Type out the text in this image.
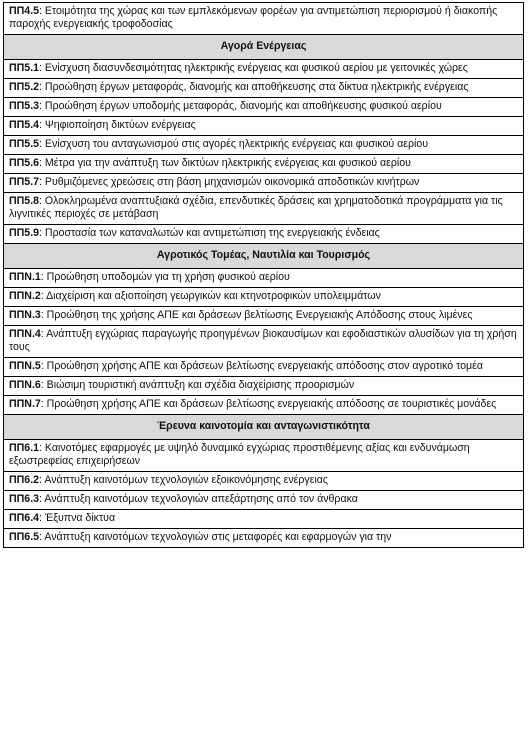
ΠΠ4.5: Ετοιμότητα της χώρας και των εμπλεκόμενων φορέων για αντιμετώπιση περιορισμού ή διακοπής παροχής ενεργειακής τροφοδοσίας
Αγορά Ενέργειας
ΠΠ5.1: Ενίσχυση διασυνδεσιμότητας ηλεκτρικής ενέργειας και φυσικού αερίου με γειτονικές χώρες
ΠΠ5.2: Προώθηση έργων μεταφοράς, διανομής και αποθήκευσης στα δίκτυα ηλεκτρικής ενέργειας
ΠΠ5.3: Προώθηση έργων υποδομής μεταφοράς, διανομής και αποθήκευσης φυσικού αερίου
ΠΠ5.4: Ψηφιοποίηση δικτύων ενέργειας
ΠΠ5.5: Ενίσχυση του ανταγωνισμού στις αγορές ηλεκτρικής ενέργειας και φυσικού αερίου
ΠΠ5.6: Μέτρα για την ανάπτυξη των δικτύων ηλεκτρικής ενέργειας και φυσικού αερίου
ΠΠ5.7: Ρυθμιζόμενες χρεώσεις στη βάση μηχανισμών οικονομικά αποδοτικών κινήτρων
ΠΠ5.8: Ολοκληρωμένα αναπτυξιακά σχέδια, επενδυτικές δράσεις και χρηματοδοτικά προγράμματα για τις λιγνιτικές περιοχές σε μετάβαση
ΠΠ5.9: Προστασία των καταναλωτών και αντιμετώπιση της ενεργειακής ένδειας
Αγροτικός Τομέας, Ναυτιλία και Τουρισμός
ΠΠΝ.1: Προώθηση υποδομών για τη χρήση φυσικού αερίου
ΠΠΝ.2: Διαχείριση και αξιοποίηση γεωργικών και κτηνοτροφικών υπολειμμάτων
ΠΠΝ.3: Προώθηση της χρήσης ΑΠΕ και δράσεων βελτίωσης Ενεργειακής Απόδοσης στους λιμένες
ΠΠΝ.4: Ανάπτυξη εγχώριας παραγωγής προηγμένων βιοκαυσίμων και εφοδιαστικών αλυσίδων για τη χρήση τους
ΠΠΝ.5: Προώθηση χρήσης ΑΠΕ και δράσεων βελτίωσης ενεργειακής απόδοσης στον αγροτικό τομέα
ΠΠΝ.6: Βιώσιμη τουριστική ανάπτυξη και σχέδια διαχείρισης προορισμών
ΠΠΝ.7: Προώθηση χρήσης ΑΠΕ και δράσεων βελτίωσης ενεργειακής απόδοσης σε τουριστικές μονάδες
Έρευνα καινοτομία και ανταγωνιστικότητα
ΠΠ6.1: Καινοτόμες εφαρμογές με υψηλό δυναμικό εγχώριας προστιθέμενης αξίας και ενδυνάμωση εξωστρεφείας επιχειρήσεων
ΠΠ6.2: Ανάπτυξη καινοτόμων τεχνολογιών εξοικονόμησης ενέργειας
ΠΠ6.3: Ανάπτυξη καινοτόμων τεχνολογιών απεξάρτησης από τον άνθρακα
ΠΠ6.4: Έξυπνα δίκτυα
ΠΠ6.5: Ανάπτυξη καινοτόμων τεχνολογιών στις μεταφορές και εφαρμογών για την
